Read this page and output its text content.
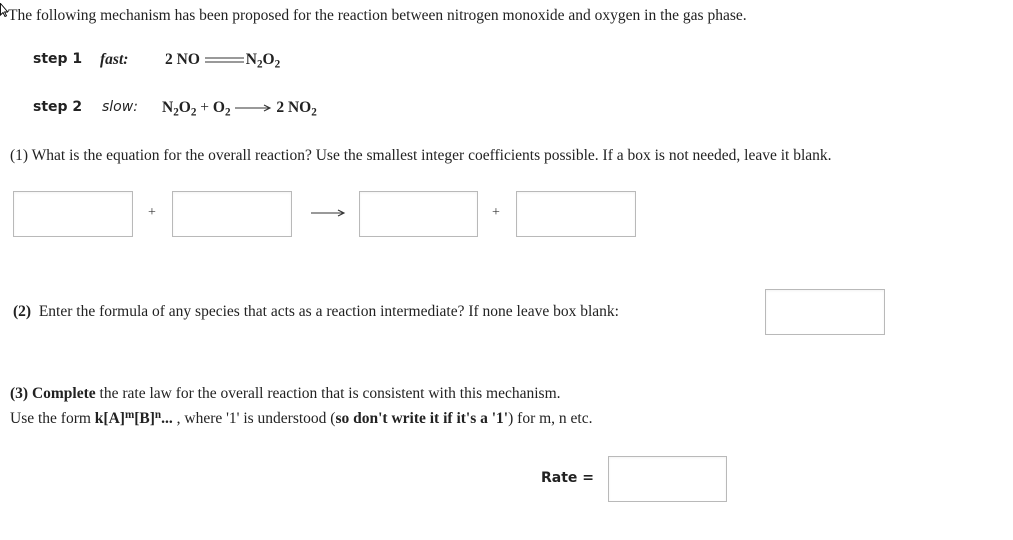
The following mechanism has been proposed for the reaction between nitrogen monoxide and oxygen in the gas phase.
step 1 fast: 2 NO	$N_2O_2$
step 2 slow: $N_2O_2 + O_2$	2 $NO_2$
(1) What is the equation for the overall reaction? Use the smallest integer coefficients possible. If a box is not needed, leave it blank.
+	+
(2) Enter the formula of any species that acts as a reaction intermediate? If none leave box blank:
(3) Complete the rate law for the overall reaction that is consistent with this mechanism.
Use the form $k[A]^m[B]^n$... , where '1' is understood (so don't write it if it's a '1') for m, n etc.
Rate =
